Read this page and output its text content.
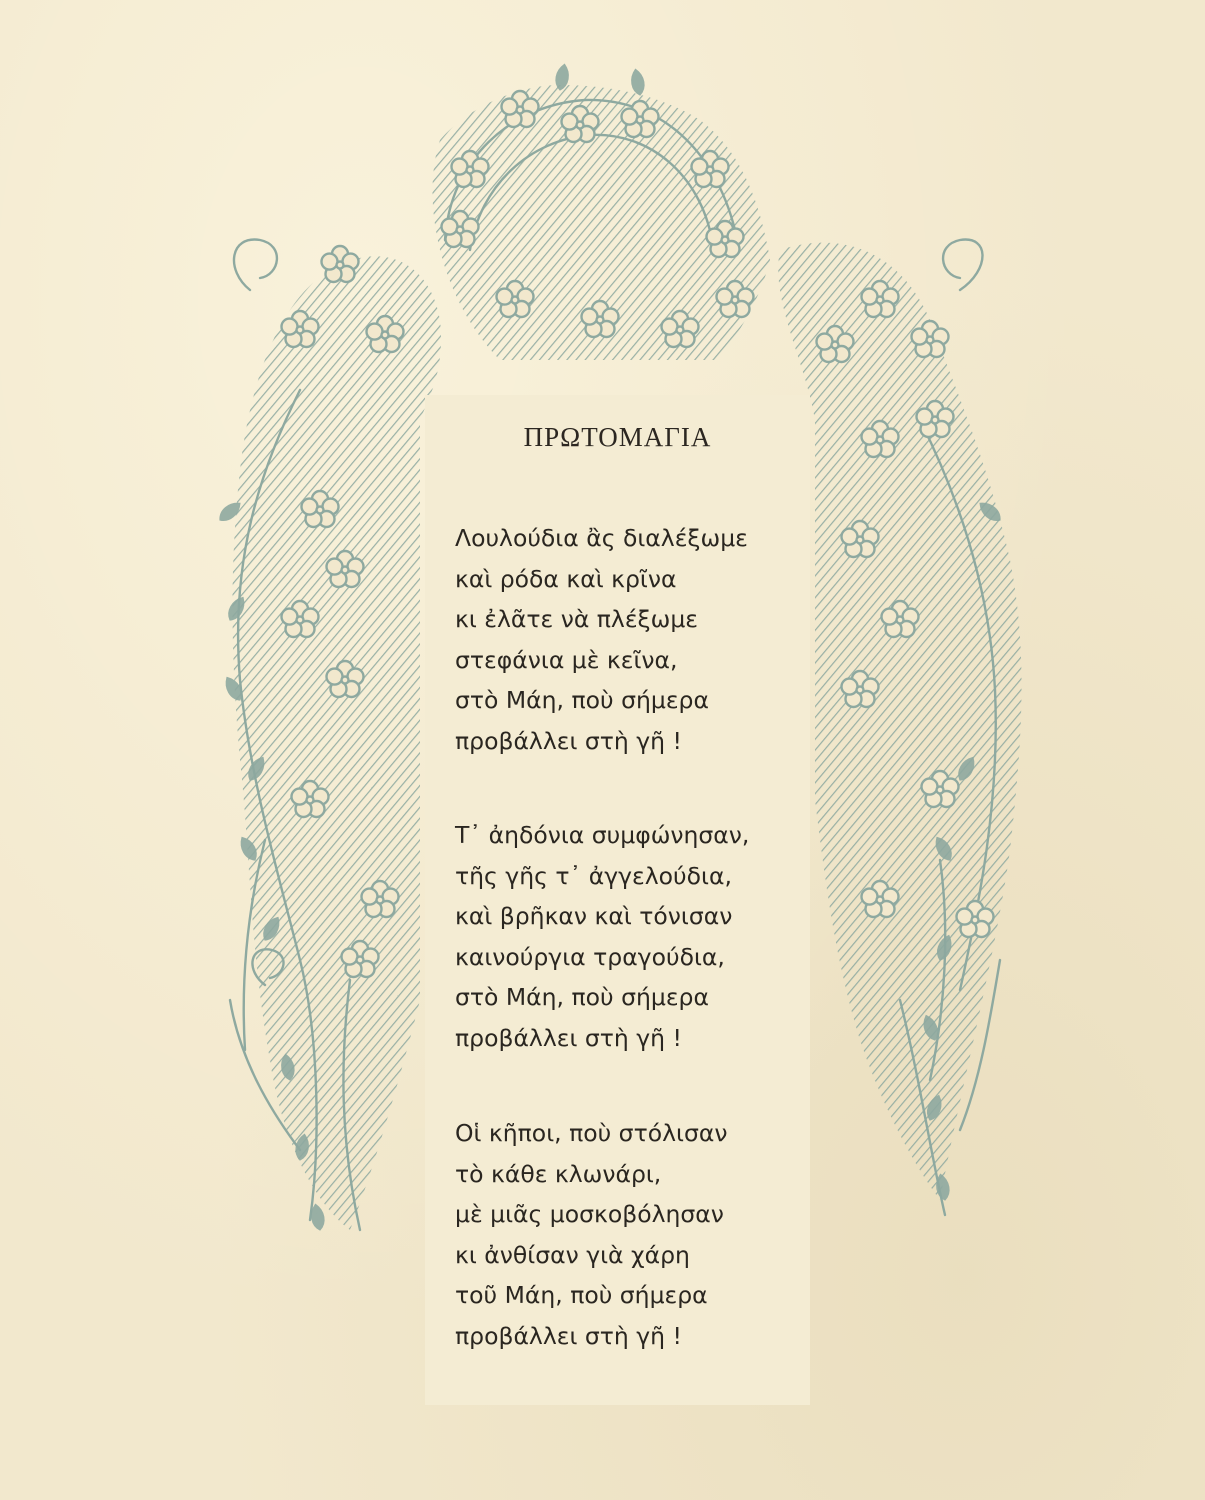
ΠΡΩΤΟΜΑΓΙΑ
Λουλούδια ἂς διαλέξωμε
καὶ ρόδα καὶ κρῖνα
κι ἐλᾶτε νὰ πλέξωμε
στεφάνια μὲ κεῖνα,
στὸ Μάη, ποὺ σήμερα
προβάλλει στὴ γῆ !
Τ᾽ ἀηδόνια συμφώνησαν,
τῆς γῆς τ᾽ ἀγγελούδια,
καὶ βρῆκαν καὶ τόνισαν
καινούργια τραγούδια,
στὸ Μάη, ποὺ σήμερα
προβάλλει στὴ γῆ !
Οἱ κῆποι, ποὺ στόλισαν
τὸ κάθε κλωνάρι,
μὲ μιᾶς μοσκοβόλησαν
κι ἀνθίσαν γιὰ χάρη
τοῦ Μάη, ποὺ σήμερα
προβάλλει στὴ γῆ !
